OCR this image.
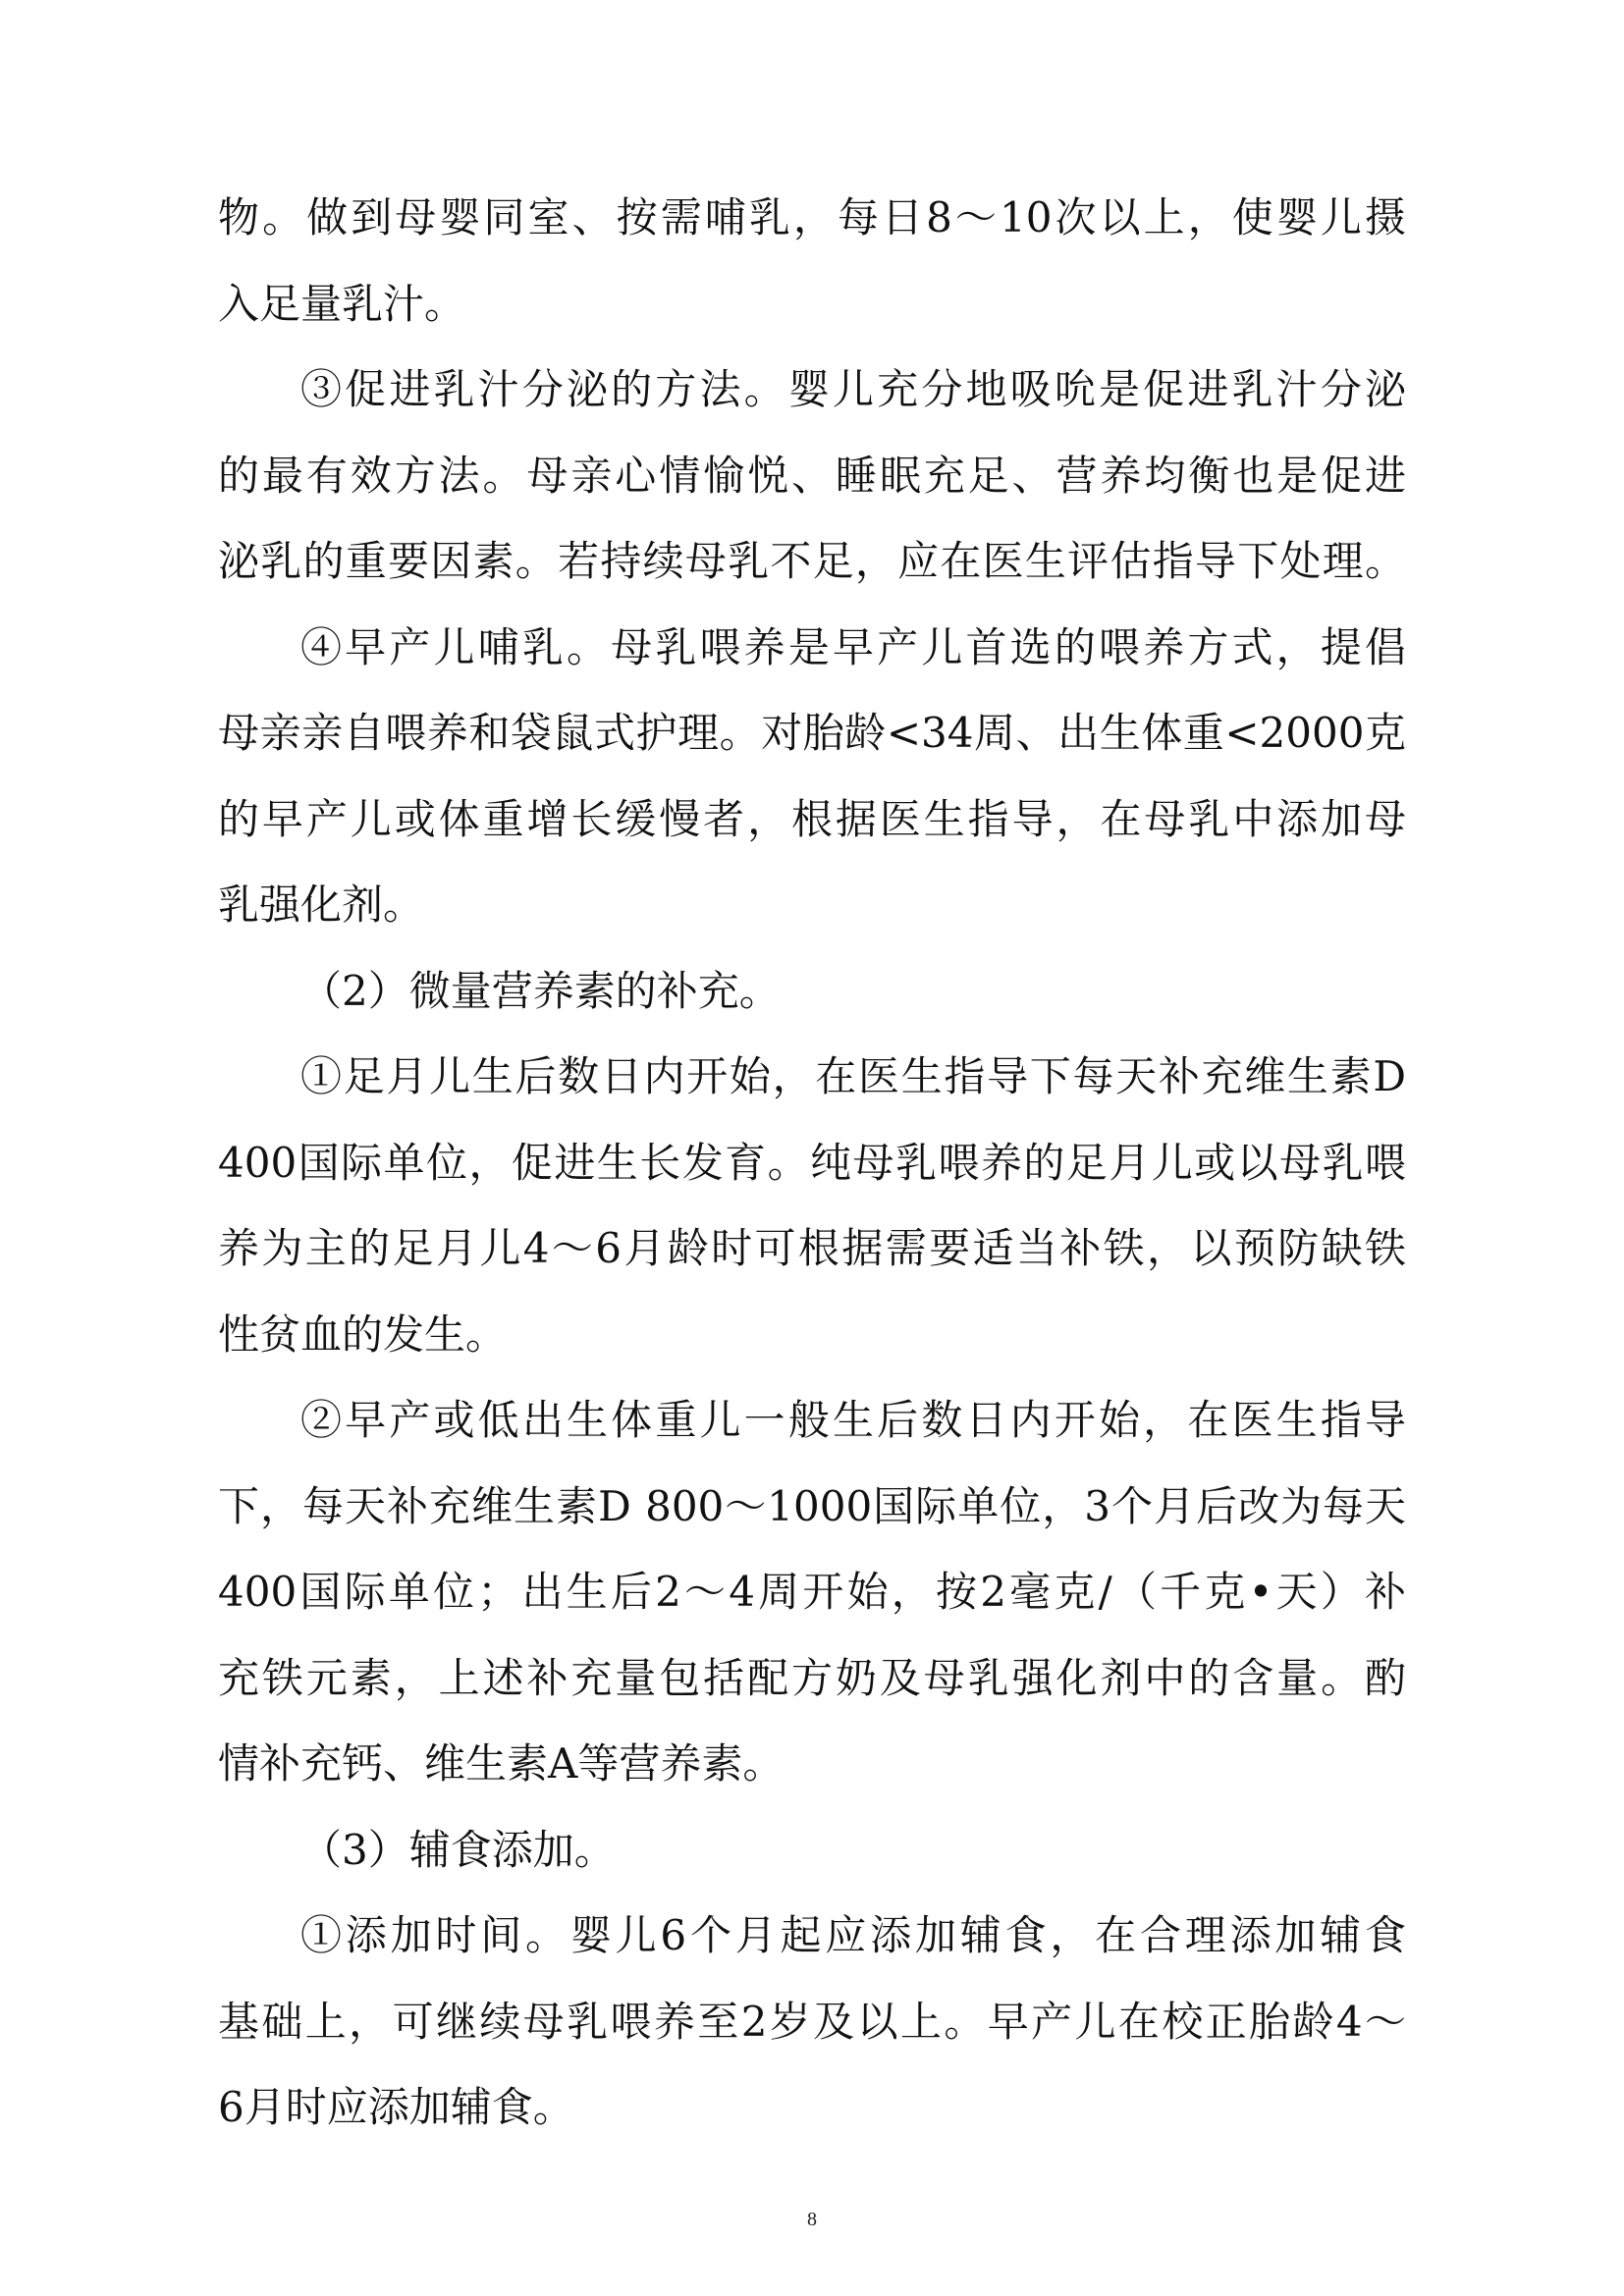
物。做到母婴同室、按需哺乳，每日8～10次以上，使婴儿摄
入足量乳汁。
③促进乳汁分泌的方法。婴儿充分地吸吮是促进乳汁分泌
的最有效方法。母亲心情愉悦、睡眠充足、营养均衡也是促进
泌乳的重要因素。若持续母乳不足，应在医生评估指导下处理。
④早产儿哺乳。母乳喂养是早产儿首选的喂养方式，提倡
母亲亲自喂养和袋鼠式护理。对胎龄<34周、出生体重<2000克
的早产儿或体重增长缓慢者，根据医生指导，在母乳中添加母
乳强化剂。
（2）微量营养素的补充。
①足月儿生后数日内开始，在医生指导下每天补充维生素D
400国际单位，促进生长发育。纯母乳喂养的足月儿或以母乳喂
养为主的足月儿4～6月龄时可根据需要适当补铁，以预防缺铁
性贫血的发生。
②早产或低出生体重儿一般生后数日内开始，在医生指导
下，每天补充维生素D 800～1000国际单位，3个月后改为每天
400国际单位；出生后2～4周开始，按2毫克/（千克•天）补
充铁元素，上述补充量包括配方奶及母乳强化剂中的含量。酌
情补充钙、维生素A等营养素。
（3）辅食添加。
①添加时间。婴儿6个月起应添加辅食，在合理添加辅食
基础上，可继续母乳喂养至2岁及以上。早产儿在校正胎龄4～
6月时应添加辅食。
8
